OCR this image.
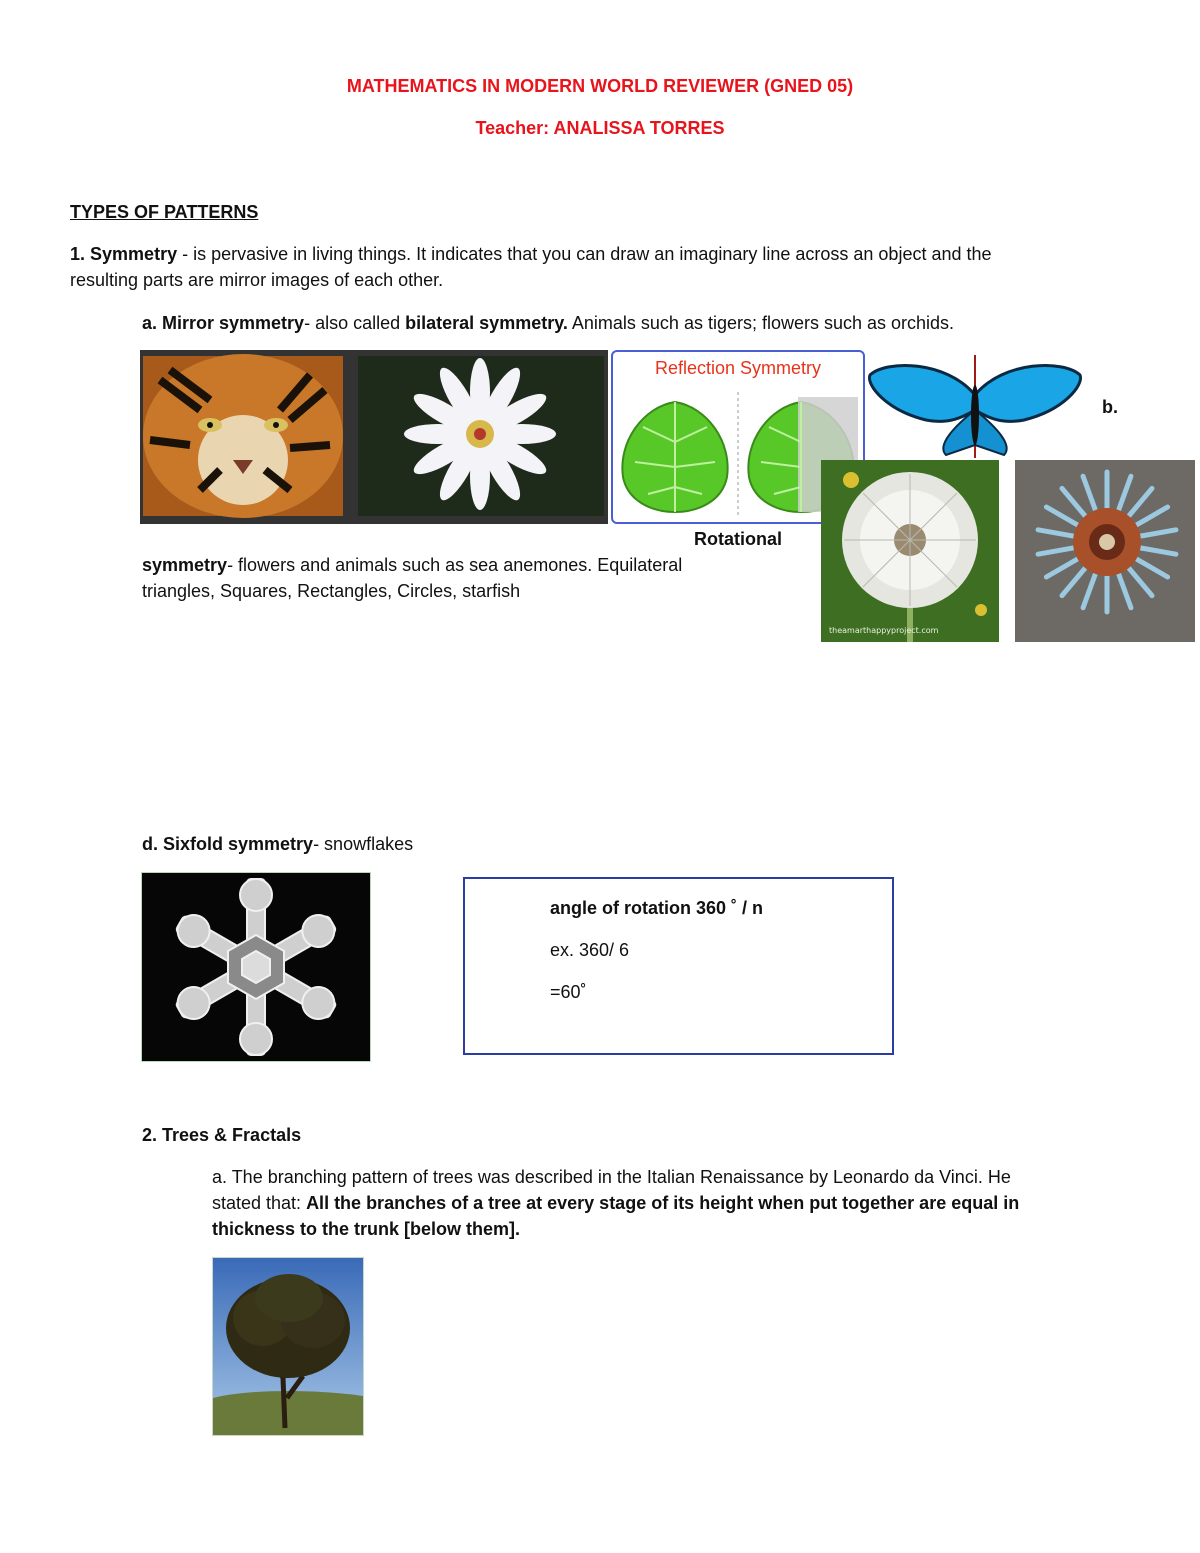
MATHEMATICS IN MODERN WORLD REVIEWER (GNED 05)
Teacher: ANALISSA TORRES
TYPES OF PATTERNS
1. Symmetry - is pervasive in living things. It indicates that you can draw an imaginary line across an object and the
resulting parts are mirror images of each other.
a. Mirror symmetry- also called bilateral symmetry. Animals such as tigers; flowers such as orchids.
Reflection Symmetry
b.
theamarthappyproject.com
Rotational
symmetry- flowers and animals such as sea anemones. Equilateral
triangles, Squares, Rectangles, Circles, starfish
d. Sixfold symmetry- snowflakes
angle of rotation 360 ˚ / n
ex. 360/ 6
=60˚
2. Trees & Fractals
a. The branching pattern of trees was described in the Italian Renaissance by Leonardo da Vinci. He
stated that: All the branches of a tree at every stage of its height when put together are equal in
thickness to the trunk [below them].
